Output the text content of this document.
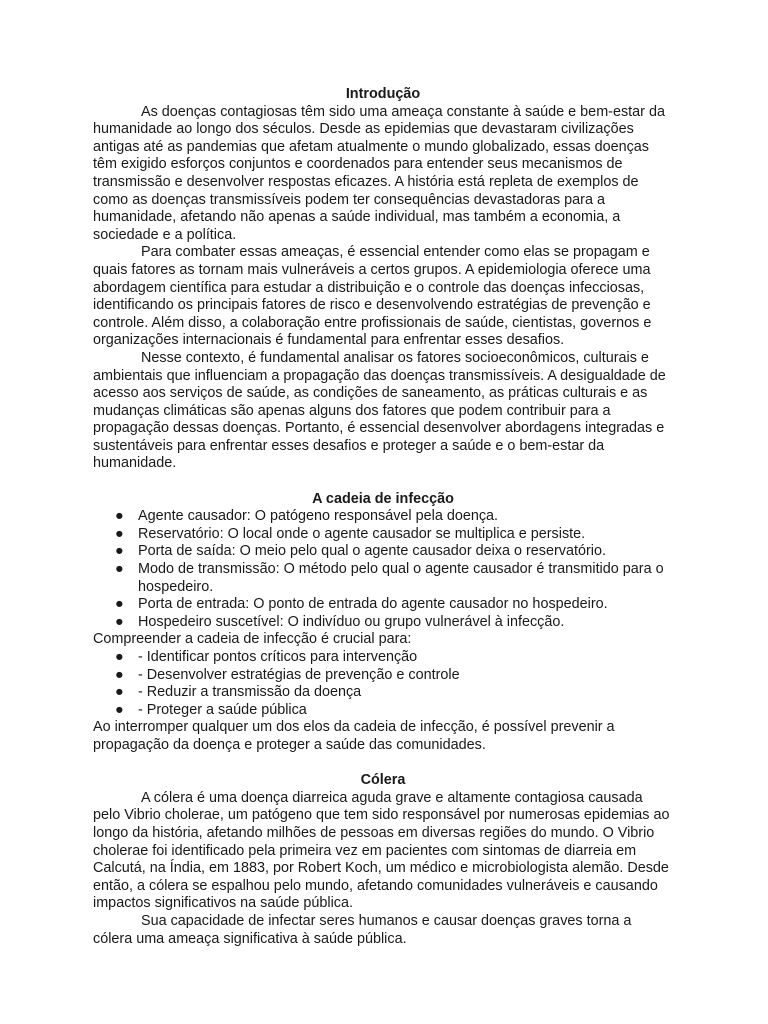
Introdução

As doenças contagiosas têm sido uma ameaça constante à saúde e bem-estar da humanidade ao longo dos séculos. Desde as epidemias que devastaram civilizações antigas até as pandemias que afetam atualmente o mundo globalizado, essas doenças têm exigido esforços conjuntos e coordenados para entender seus mecanismos de transmissão e desenvolver respostas eficazes. A história está repleta de exemplos de como as doenças transmissíveis podem ter consequências devastadoras para a humanidade, afetando não apenas a saúde individual, mas também a economia, a sociedade e a política.

Para combater essas ameaças, é essencial entender como elas se propagam e quais fatores as tornam mais vulneráveis a certos grupos. A epidemiologia oferece uma abordagem científica para estudar a distribuição e o controle das doenças infecciosas, identificando os principais fatores de risco e desenvolvendo estratégias de prevenção e controle. Além disso, a colaboração entre profissionais de saúde, cientistas, governos e organizações internacionais é fundamental para enfrentar esses desafios.

Nesse contexto, é fundamental analisar os fatores socioeconômicos, culturais e ambientais que influenciam a propagação das doenças transmissíveis. A desigualdade de acesso aos serviços de saúde, as condições de saneamento, as práticas culturais e as mudanças climáticas são apenas alguns dos fatores que podem contribuir para a propagação dessas doenças. Portanto, é essencial desenvolver abordagens integradas e sustentáveis para enfrentar esses desafios e proteger a saúde e o bem-estar da humanidade.

A cadeia de infecção

● Agente causador: O patógeno responsável pela doença.
● Reservatório: O local onde o agente causador se multiplica e persiste.
● Porta de saída: O meio pelo qual o agente causador deixa o reservatório.
● Modo de transmissão: O método pelo qual o agente causador é transmitido para o hospedeiro.
● Porta de entrada: O ponto de entrada do agente causador no hospedeiro.
● Hospedeiro suscetível: O indivíduo ou grupo vulnerável à infecção.

Compreender a cadeia de infecção é crucial para:

● - Identificar pontos críticos para intervenção
● - Desenvolver estratégias de prevenção e controle
● - Reduzir a transmissão da doença
● - Proteger a saúde pública

Ao interromper qualquer um dos elos da cadeia de infecção, é possível prevenir a propagação da doença e proteger a saúde das comunidades.

Cólera

A cólera é uma doença diarreica aguda grave e altamente contagiosa causada pelo Vibrio cholerae, um patógeno que tem sido responsável por numerosas epidemias ao longo da história, afetando milhões de pessoas em diversas regiões do mundo. O Vibrio cholerae foi identificado pela primeira vez em pacientes com sintomas de diarreia em Calcutá, na Índia, em 1883, por Robert Koch, um médico e microbiologista alemão. Desde então, a cólera se espalhou pelo mundo, afetando comunidades vulneráveis e causando impactos significativos na saúde pública.

Sua capacidade de infectar seres humanos e causar doenças graves torna a cólera uma ameaça significativa à saúde pública.
